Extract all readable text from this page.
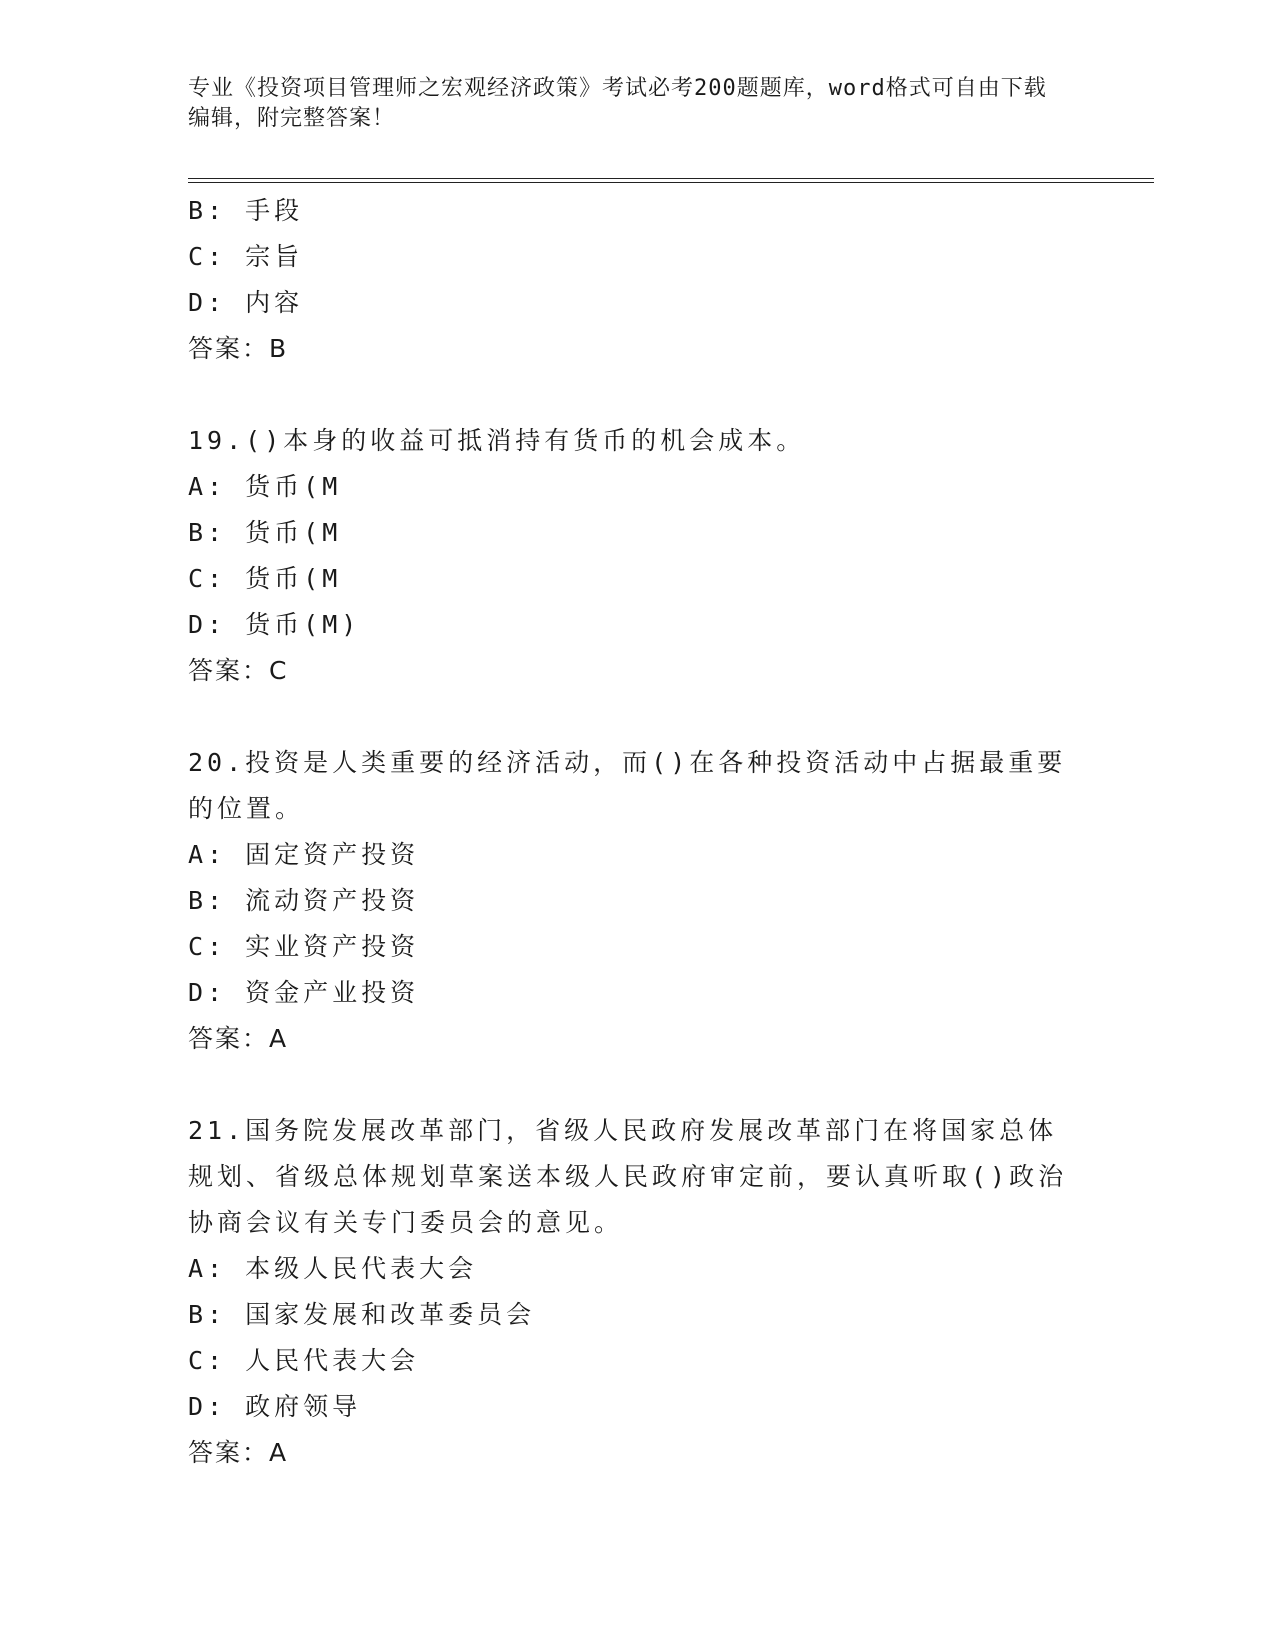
专业《投资项目管理师之宏观经济政策》考试必考200题题库，word格式可自由下载编辑，附完整答案！
B: 手段
C: 宗旨
D: 内容
答案：B
19.()本身的收益可抵消持有货币的机会成本。
A: 货币(M
B: 货币(M
C: 货币(M
D: 货币(M)
答案：C
20.投资是人类重要的经济活动，而()在各种投资活动中占据最重要的位置。
A: 固定资产投资
B: 流动资产投资
C: 实业资产投资
D: 资金产业投资
答案：A
21.国务院发展改革部门，省级人民政府发展改革部门在将国家总体规划、省级总体规划草案送本级人民政府审定前，要认真听取()政治协商会议有关专门委员会的意见。
A: 本级人民代表大会
B: 国家发展和改革委员会
C: 人民代表大会
D: 政府领导
答案：A
